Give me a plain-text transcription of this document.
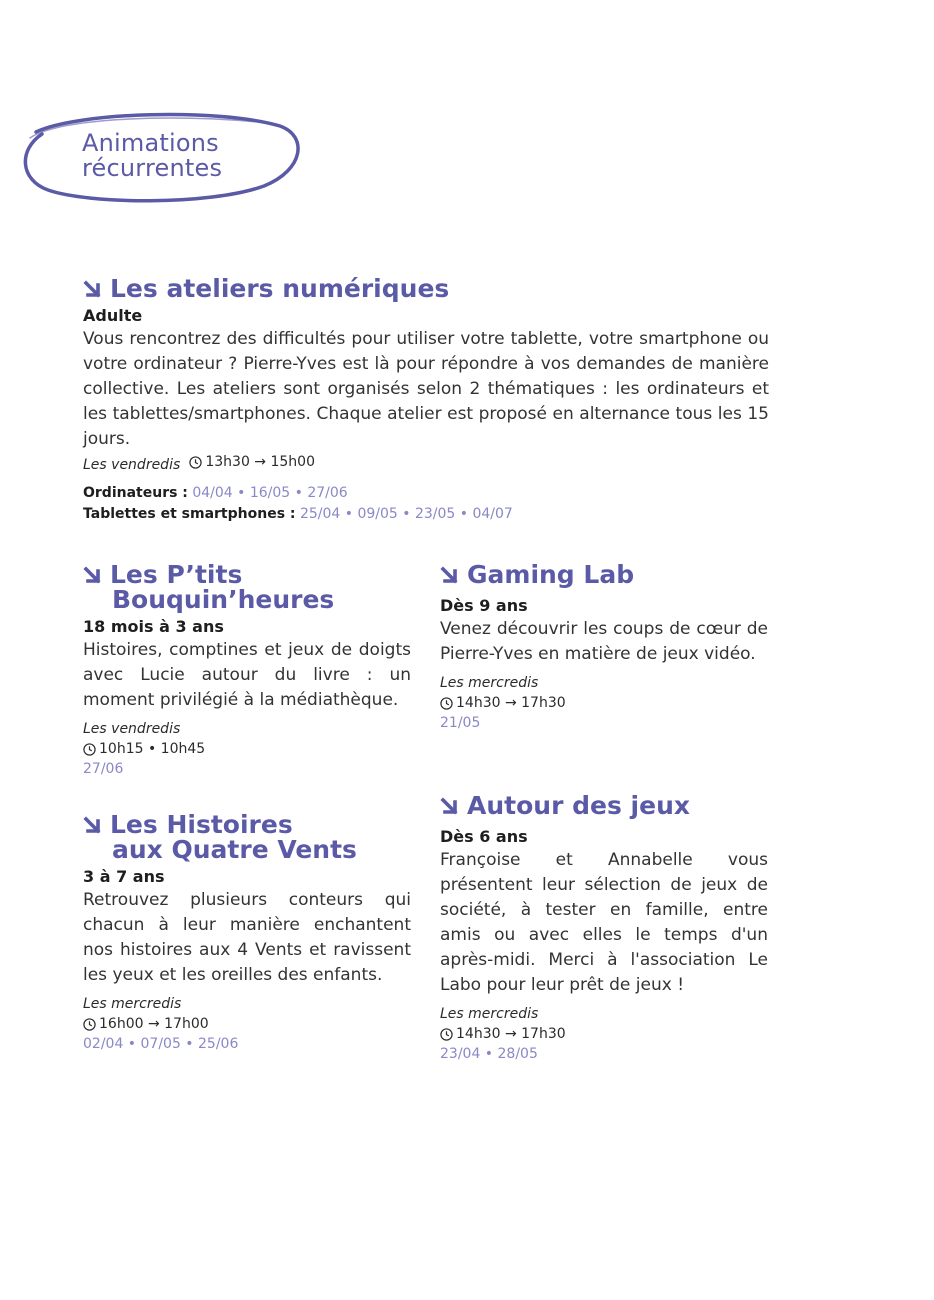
Animations
récurrentes
Les ateliers numériques
Adulte

Vous rencontrez des difficultés pour utiliser votre tablette, votre smartphone ou votre ordinateur ? Pierre-Yves est là pour répondre à vos demandes de manière collective. Les ateliers sont organisés selon 2 thématiques : les ordinateurs et les tablettes/smartphones. Chaque atelier est proposé en alternance tous les 15 jours.

Les vendredis 13h30 → 15h00
Ordinateurs : 04/04 • 16/05 • 27/06
Tablettes et smartphones : 25/04 • 09/05 • 23/05 • 04/07
Les P’tits
Bouquin’heures
18 mois à 3 ans

Histoires, comptines et jeux de doigts avec Lucie autour du livre : un moment privilégié à la médiathèque.

Les vendredis
10h15 • 10h45
27/06
Gaming Lab
Dès 9 ans

Venez découvrir les coups de cœur de Pierre-Yves en matière de jeux vidéo.

Les mercredis
14h30 → 17h30
21/05
Les Histoires
aux Quatre Vents
3 à 7 ans

Retrouvez plusieurs conteurs qui chacun à leur manière enchantent nos histoires aux 4 Vents et ravissent les yeux et les oreilles des enfants.

Les mercredis
16h00 → 17h00
02/04 • 07/05 • 25/06
Autour des jeux
Dès 6 ans

Françoise et Annabelle vous présentent leur sélection de jeux de société, à tester en famille, entre amis ou avec elles le temps d'un après-midi. Merci à l'association Le Labo pour leur prêt de jeux !

Les mercredis
14h30 → 17h30
23/04 • 28/05
